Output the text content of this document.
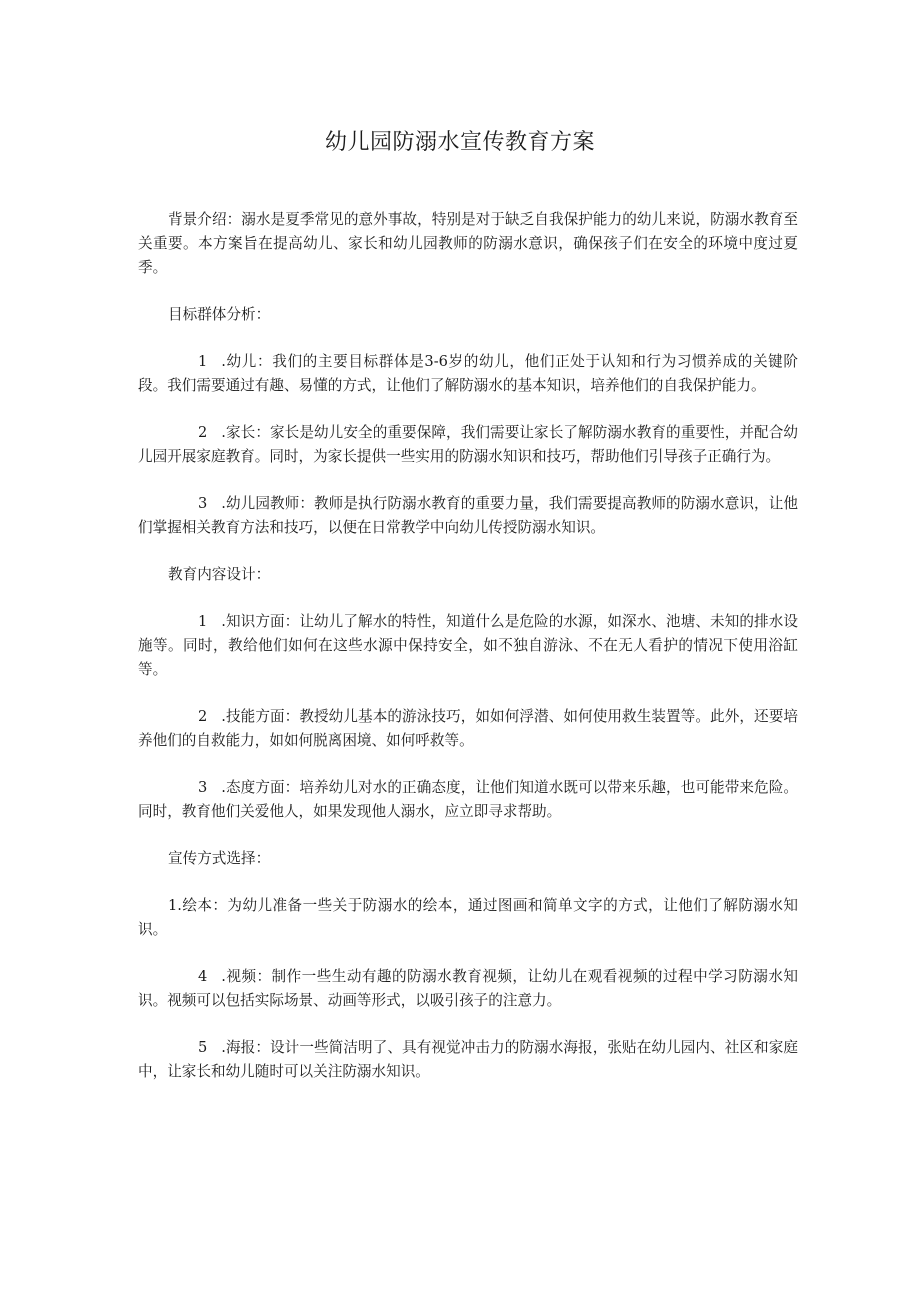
幼儿园防溺水宣传教育方案

背景介绍：溺水是夏季常见的意外事故，特别是对于缺乏自我保护能力的幼儿来说，防溺水教育至关重要。本方案旨在提高幼儿、家长和幼儿园教师的防溺水意识，确保孩子们在安全的环境中度过夏季。

目标群体分析：

1 .幼儿：我们的主要目标群体是3-6岁的幼儿，他们正处于认知和行为习惯养成的关键阶段。我们需要通过有趣、易懂的方式，让他们了解防溺水的基本知识，培养他们的自我保护能力。

2 .家长：家长是幼儿安全的重要保障，我们需要让家长了解防溺水教育的重要性，并配合幼儿园开展家庭教育。同时，为家长提供一些实用的防溺水知识和技巧，帮助他们引导孩子正确行为。

3 .幼儿园教师：教师是执行防溺水教育的重要力量，我们需要提高教师的防溺水意识，让他们掌握相关教育方法和技巧，以便在日常教学中向幼儿传授防溺水知识。

教育内容设计：

1 .知识方面：让幼儿了解水的特性，知道什么是危险的水源，如深水、池塘、未知的排水设施等。同时，教给他们如何在这些水源中保持安全，如不独自游泳、不在无人看护的情况下使用浴缸等。

2 .技能方面：教授幼儿基本的游泳技巧，如如何浮潜、如何使用救生装置等。此外，还要培养他们的自救能力，如如何脱离困境、如何呼救等。

3 .态度方面：培养幼儿对水的正确态度，让他们知道水既可以带来乐趣，也可能带来危险。同时，教育他们关爱他人，如果发现他人溺水，应立即寻求帮助。

宣传方式选择：

1.绘本：为幼儿准备一些关于防溺水的绘本，通过图画和简单文字的方式，让他们了解防溺水知识。

4 .视频：制作一些生动有趣的防溺水教育视频，让幼儿在观看视频的过程中学习防溺水知识。视频可以包括实际场景、动画等形式，以吸引孩子的注意力。

5 .海报：设计一些简洁明了、具有视觉冲击力的防溺水海报，张贴在幼儿园内、社区和家庭中，让家长和幼儿随时可以关注防溺水知识。
